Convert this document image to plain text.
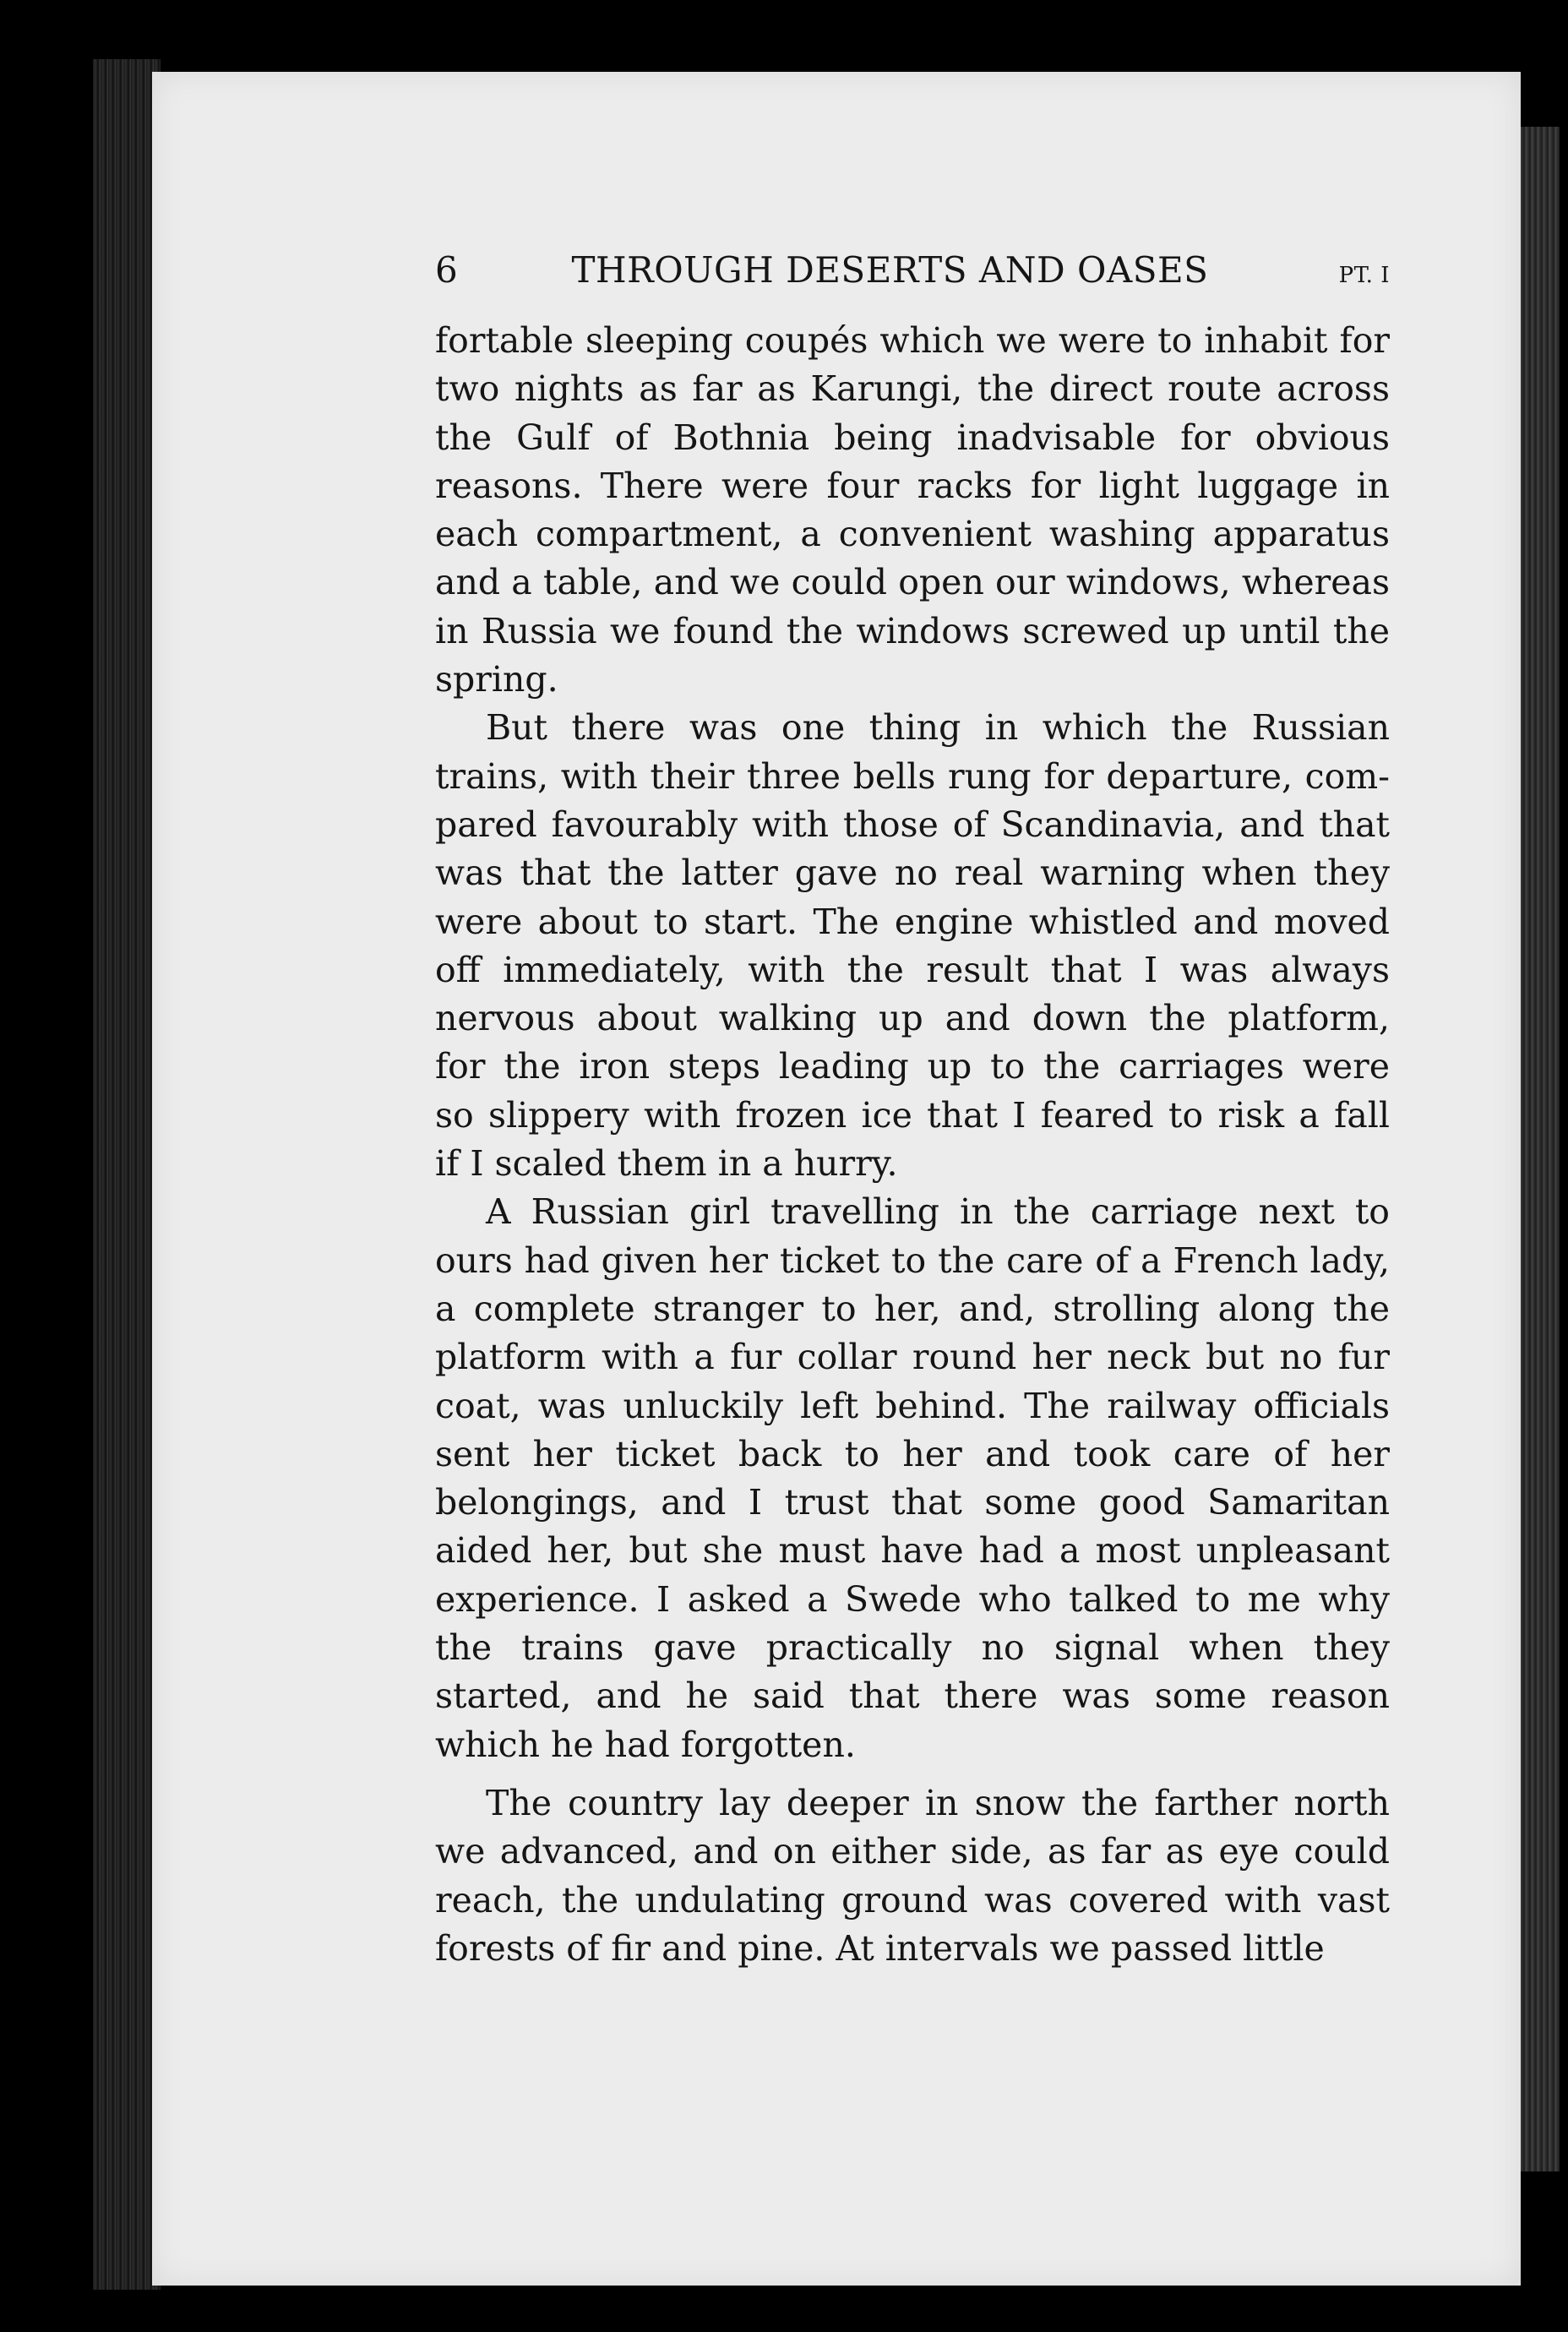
6	THROUGH DESERTS AND OASES	PT. I
fortable sleeping coupés which we were to inhabit for
two nights as far as Karungi, the direct route across
the Gulf of Bothnia being inadvisable for obvious
reasons. There were four racks for light luggage in
each compartment, a convenient washing apparatus
and a table, and we could open our windows, whereas
in Russia we found the windows screwed up until the
spring.
But there was one thing in which the Russian
trains, with their three bells rung for departure, com-
pared favourably with those of Scandinavia, and that
was that the latter gave no real warning when they
were about to start. The engine whistled and moved
off immediately, with the result that I was always
nervous about walking up and down the platform,
for the iron steps leading up to the carriages were
so slippery with frozen ice that I feared to risk a fall
if I scaled them in a hurry.
A Russian girl travelling in the carriage next to
ours had given her ticket to the care of a French lady,
a complete stranger to her, and, strolling along the
platform with a fur collar round her neck but no fur
coat, was unluckily left behind. The railway officials
sent her ticket back to her and took care of her
belongings, and I trust that some good Samaritan
aided her, but she must have had a most unpleasant
experience. I asked a Swede who talked to me why
the trains gave practically no signal when they
started, and he said that there was some reason
which he had forgotten.
The country lay deeper in snow the farther north
we advanced, and on either side, as far as eye could
reach, the undulating ground was covered with vast
forests of fir and pine. At intervals we passed little
